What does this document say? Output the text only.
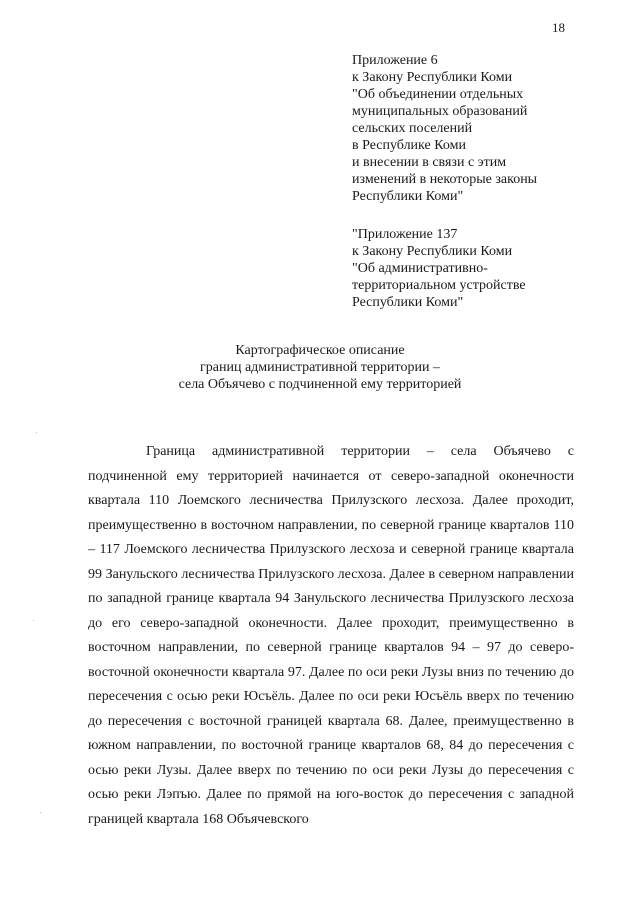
18
Приложение 6
к Закону Республики Коми
"Об объединении отдельных
муниципальных образований
сельских поселений
в Республике Коми
и внесении в связи с этим
изменений в некоторые законы
Республики Коми"
"Приложение 137
к Закону Республики Коми
"Об административно-
территориальном устройстве
Республики Коми"
Картографическое описание
границ административной территории –
села Объячево с подчиненной ему территорией

Граница административной территории – села Объячево с подчиненной ему территорией начинается от северо-западной оконечности квартала 110 Лоемского лесничества Прилузского лесхоза. Далее проходит, преимущественно в восточном направлении, по северной границе кварталов 110 – 117 Лоемского лесничества Прилузского лесхоза и северной границе квартала 99 Занульского лесничества Прилузского лесхоза. Далее в северном направлении по западной границе квартала 94 Занульского лесничества Прилузского лесхоза до его северо-западной оконечности. Далее проходит, преимущественно в восточном направлении, по северной границе кварталов 94 – 97 до северо-восточной оконечности квартала 97. Далее по оси реки Лузы вниз по течению до пересечения с осью реки Юсъёль. Далее по оси реки Юсъёль вверх по течению до пересечения с восточной границей квартала 68. Далее, преимущественно в южном направлении, по восточной границе кварталов 68, 84 до пересечения с осью реки Лузы. Далее вверх по течению по оси реки Лузы до пересечения с осью реки Лэпъю. Далее по прямой на юго-восток до пересечения с западной границей квартала 168 Объячевского
